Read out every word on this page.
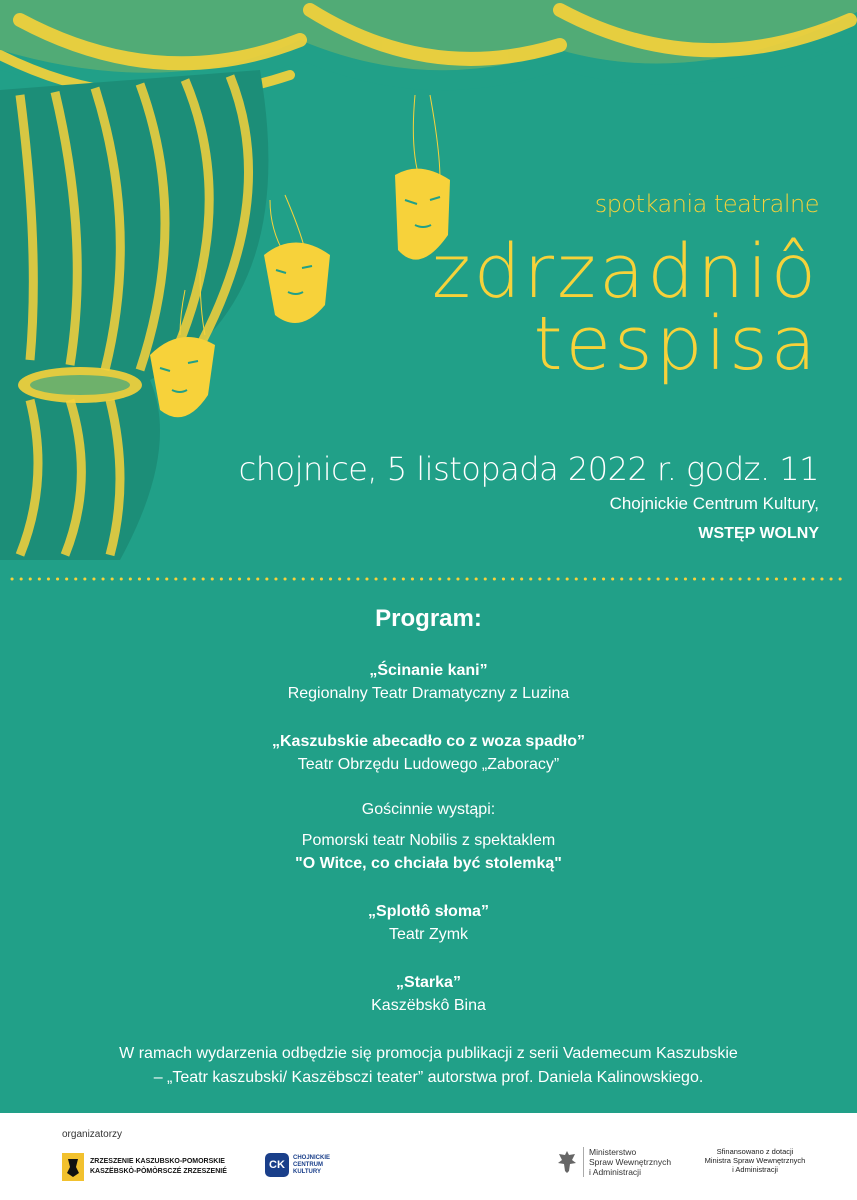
spotkania teatralne
zdrzadniô
tespisa
chojnice, 5 listopada 2022 r. godz. 11
Chojnickie Centrum Kultury,
WSTĘP WOLNY
Program:
„Ścinanie kani”
Regionalny Teatr Dramatyczny z Luzina
„Kaszubskie abecadło co z woza spadło”
Teatr Obrzędu Ludowego „Zaboracy”
Gościnnie wystąpi:
Pomorski teatr Nobilis z spektaklem
"O Witce, co chciała być stolemką"
„Splotłô słoma”
Teatr Zymk
„Starka”
Kaszëbskô Bina
W ramach wydarzenia odbędzie się promocja publikacji z serii Vademecum Kaszubskie
– „Teatr kaszubski/ Kaszëbsczi teater” autorstwa prof. Daniela Kalinowskiego.
organizatorzy
ZRZESZENIE KASZUBSKO-POMORSKIE
KASZËBSKÒ-PÒMÒRSCZÉ ZRZESZENIÉ
CK
CHOJNICKIE
CENTRUM
KULTURY
Ministerstwo
Spraw Wewnętrznych
i Administracji
Sfinansowano z dotacji
Ministra Spraw Wewnętrznych
i Administracji
